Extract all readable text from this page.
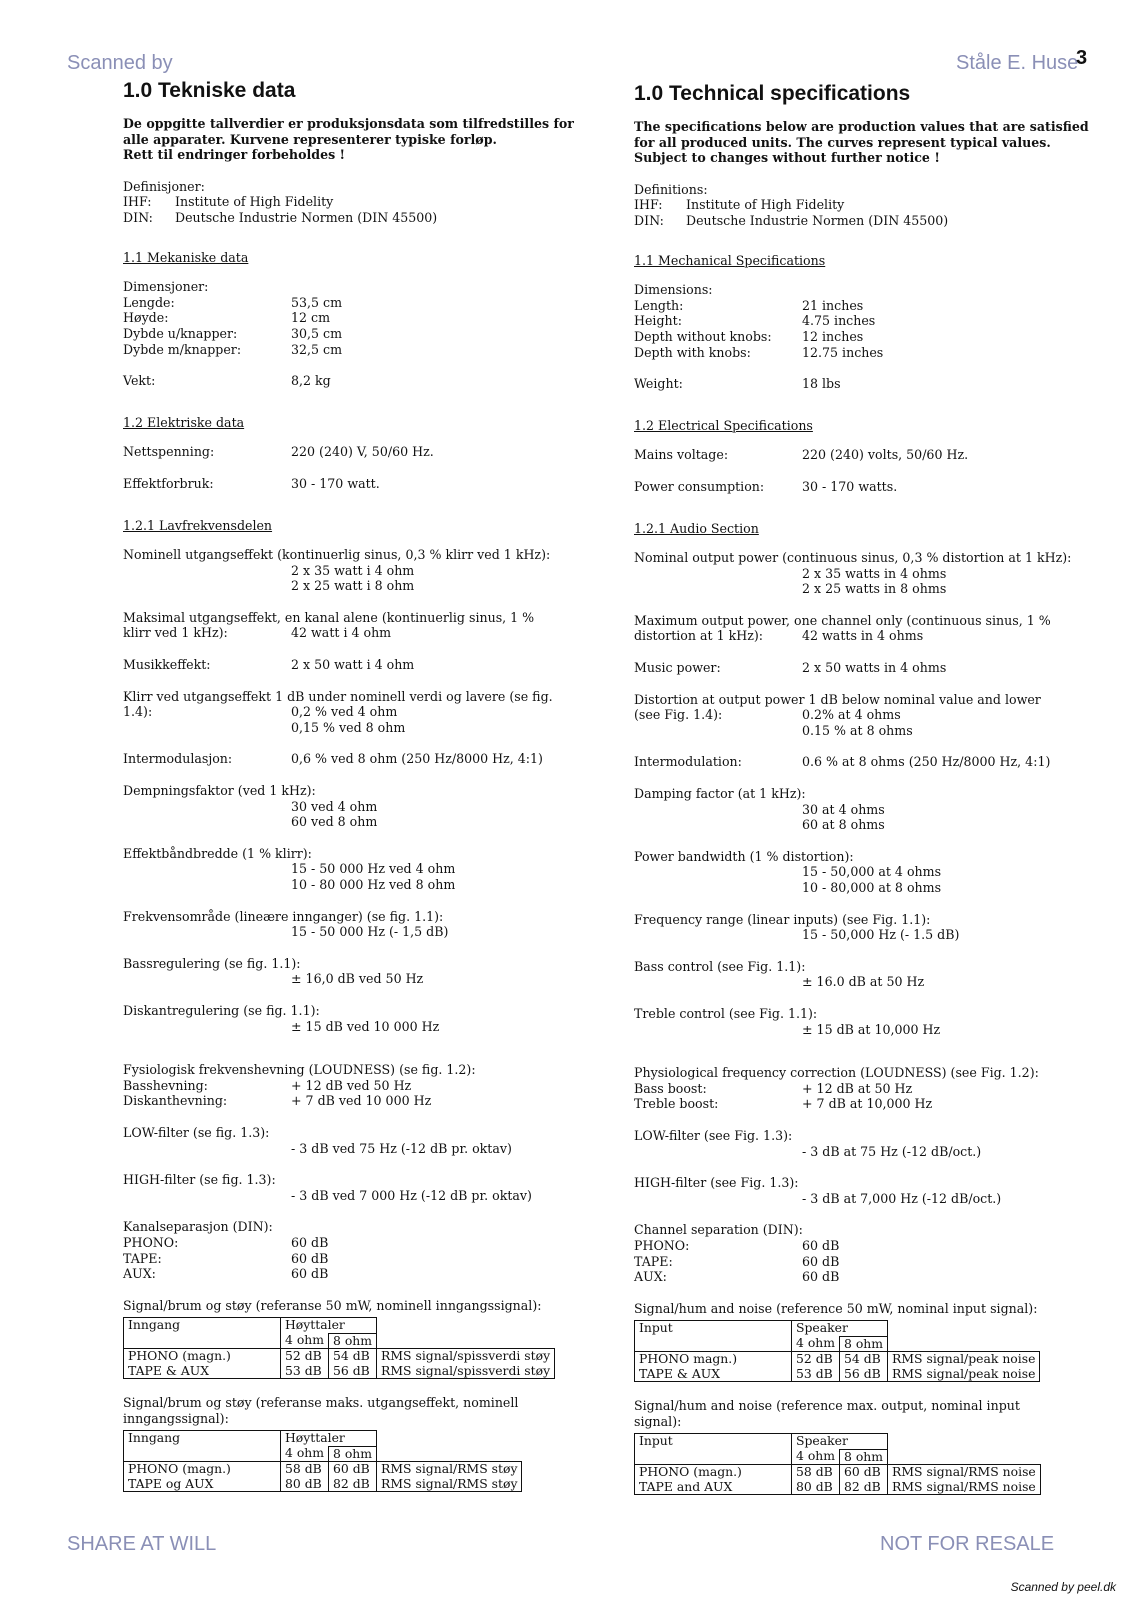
Scanned by	Ståle E. Huse
3
SHARE AT WILL	NOT FOR RESALE
Scanned by peel.dk
1.0 Tekniske data
De oppgitte tallverdier er produksjonsdata som tilfredstilles for
alle apparater. Kurvene representerer typiske forløp.
Rett til endringer forbeholdes !
Definisjoner:
IHF:	Institute of High Fidelity
DIN:	Deutsche Industrie Normen (DIN 45500)
1.1 Mekaniske data
Dimensjoner:
Lengde:	53,5 cm
Høyde:	12 cm
Dybde u/knapper:	30,5 cm
Dybde m/knapper:	32,5 cm
Vekt:	8,2 kg
1.2 Elektriske data
Nettspenning:	220 (240) V, 50/60 Hz.
Effektforbruk:	30 - 170 watt.
1.2.1 Lavfrekvensdelen
Nominell utgangseffekt (kontinuerlig sinus, 0,3 % klirr ved 1 kHz):
2 x 35 watt i 4 ohm
2 x 25 watt i 8 ohm
Maksimal utgangseffekt, en kanal alene (kontinuerlig sinus, 1 %
klirr ved 1 kHz):	42 watt i 4 ohm
Musikkeffekt:	2 x 50 watt i 4 ohm
Klirr ved utgangseffekt 1 dB under nominell verdi og lavere (se fig.
1.4):	0,2 % ved 4 ohm
0,15 % ved 8 ohm
Intermodulasjon:	0,6 % ved 8 ohm (250 Hz/8000 Hz, 4:1)
Dempningsfaktor (ved 1 kHz):
30 ved 4 ohm
60 ved 8 ohm
Effektbåndbredde (1 % klirr):
15 - 50 000 Hz ved 4 ohm
10 - 80 000 Hz ved 8 ohm
Frekvensområde (lineære innganger) (se fig. 1.1):
15 - 50 000 Hz (- 1,5 dB)
Bassregulering (se fig. 1.1):
± 16,0 dB ved 50 Hz
Diskantregulering (se fig. 1.1):
± 15 dB ved 10 000 Hz
Fysiologisk frekvenshevning (LOUDNESS) (se fig. 1.2):
Basshevning:	+ 12 dB ved 50 Hz
Diskanthevning:	+ 7 dB ved 10 000 Hz
LOW-filter (se fig. 1.3):
- 3 dB ved 75 Hz (-12 dB pr. oktav)
HIGH-filter (se fig. 1.3):
- 3 dB ved 7 000 Hz (-12 dB pr. oktav)
Kanalseparasjon (DIN):
PHONO:	60 dB
TAPE:	60 dB
AUX:	60 dB
Signal/brum og støy (referanse 50 mW, nominell inngangssignal):
Inngang	Høyttaler		
	4 ohm	8 ohm	
PHONO (magn.)	52 dB	54 dB	RMS signal/spissverdi støy
TAPE & AUX	53 dB	56 dB	RMS signal/spissverdi støy
Signal/brum og støy (referanse maks. utgangseffekt, nominell
inngangssignal):
Inngang	Høyttaler		
	4 ohm	8 ohm	
PHONO (magn.)	58 dB	60 dB	RMS signal/RMS støy
TAPE og AUX	80 dB	82 dB	RMS signal/RMS støy
1.0 Technical specifications
The specifications below are production values that are satisfied
for all produced units. The curves represent typical values.
Subject to changes without further notice !
Definitions:
IHF:	Institute of High Fidelity
DIN:	Deutsche Industrie Normen (DIN 45500)
1.1 Mechanical Specifications
Dimensions:
Length:	21 inches
Height:	4.75 inches
Depth without knobs:	12 inches
Depth with knobs:	12.75 inches
Weight:	18 lbs
1.2 Electrical Specifications
Mains voltage:	220 (240) volts, 50/60 Hz.
Power consumption:	30 - 170 watts.
1.2.1 Audio Section
Nominal output power (continuous sinus, 0,3 % distortion at 1 kHz):
2 x 35 watts in 4 ohms
2 x 25 watts in 8 ohms
Maximum output power, one channel only (continuous sinus, 1 %
distortion at 1 kHz):	42 watts in 4 ohms
Music power:	2 x 50 watts in 4 ohms
Distortion at output power 1 dB below nominal value and lower
(see Fig. 1.4):	0.2% at 4 ohms
0.15 % at 8 ohms
Intermodulation:	0.6 % at 8 ohms (250 Hz/8000 Hz, 4:1)
Damping factor (at 1 kHz):
30 at 4 ohms
60 at 8 ohms
Power bandwidth (1 % distortion):
15 - 50,000 at 4 ohms
10 - 80,000 at 8 ohms
Frequency range (linear inputs) (see Fig. 1.1):
15 - 50,000 Hz (- 1.5 dB)
Bass control (see Fig. 1.1):
± 16.0 dB at 50 Hz
Treble control (see Fig. 1.1):
± 15 dB at 10,000 Hz
Physiological frequency correction (LOUDNESS) (see Fig. 1.2):
Bass boost:	+ 12 dB at 50 Hz
Treble boost:	+ 7 dB at 10,000 Hz
LOW-filter (see Fig. 1.3):
- 3 dB at 75 Hz (-12 dB/oct.)
HIGH-filter (see Fig. 1.3):
- 3 dB at 7,000 Hz (-12 dB/oct.)
Channel separation (DIN):
PHONO:	60 dB
TAPE:	60 dB
AUX:	60 dB
Signal/hum and noise (reference 50 mW, nominal input signal):
Input	Speaker		
	4 ohm	8 ohm	
PHONO magn.)	52 dB	54 dB	RMS signal/peak noise
TAPE & AUX	53 dB	56 dB	RMS signal/peak noise
Signal/hum and noise (reference max. output, nominal input
signal):
Input	Speaker		
	4 ohm	8 ohm	
PHONO (magn.)	58 dB	60 dB	RMS signal/RMS noise
TAPE and AUX	80 dB	82 dB	RMS signal/RMS noise
